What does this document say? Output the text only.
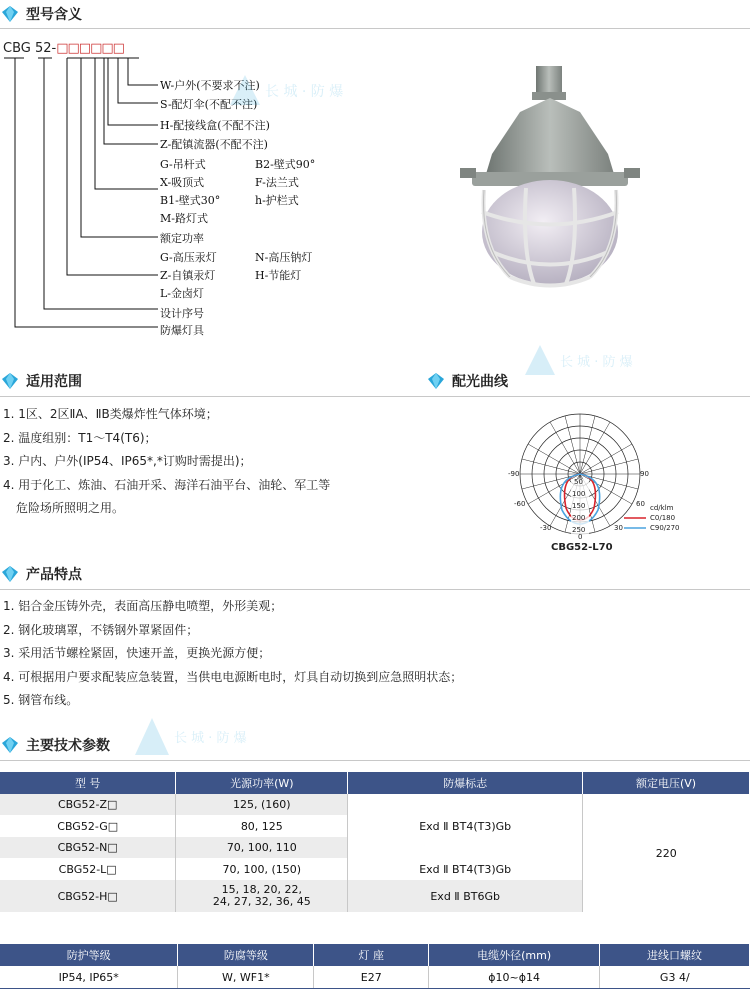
型号含义
CBG 52-□□□□□□
W-户外(不要求不注)
S-配灯伞(不配不注)
H-配接线盒(不配不注)
Z-配镇流器(不配不注)
G-吊杆式	B2-壁式90°
X-吸顶式	F-法兰式
B1-壁式30°	h-护栏式
M-路灯式
额定功率
G-高压汞灯	N-高压钠灯
Z-自镇汞灯	H-节能灯
L-金卤灯
设计序号
防爆灯具
长 城 · 防 爆
适用范围	配光曲线
1. 1区、2区ⅡA、ⅡB类爆炸性气体环境；
2. 温度组别：T1～T4(T6)；
3. 户内、户外(IP54、IP65*,*订购时需提出)；
4. 用于化工、炼油、石油开采、海洋石油平台、油轮、军工等
危险场所照明之用。
长 城 · 防 爆
-90	90
-60	60
-30	30
0
50
100
150
200
250
cd/klm
C0/180
C90/270
CBG52-L70
产品特点
1. 铝合金压铸外壳，表面高压静电喷塑，外形美观；
2. 钢化玻璃罩，不锈钢外罩紧固件；
3. 采用活节螺栓紧固，快速开盖，更换光源方便；
4. 可根据用户要求配装应急装置，当供电电源断电时，灯具自动切换到应急照明状态；
5. 钢管布线。
长 城 · 防 爆
主要技术参数
型 号	光源功率(W)	防爆标志	额定电压(V)
CBG52-Z□	125, (160)	Exd Ⅱ BT4(T3)Gb	220
CBG52-G□	80, 125		
CBG52-N□	70, 100, 110		
CBG52-L□	70, 100, (150)	Exd Ⅱ BT4(T3)Gb	
CBG52-H□	15, 18, 20, 22,
24, 27, 32, 36, 45	Exd Ⅱ BT6Gb	
防护等级	防腐等级	灯 座	电缆外径(mm)	进线口螺纹
IP54, IP65*	W, WF1*	E27	ϕ10~ϕ14	G3 4/
